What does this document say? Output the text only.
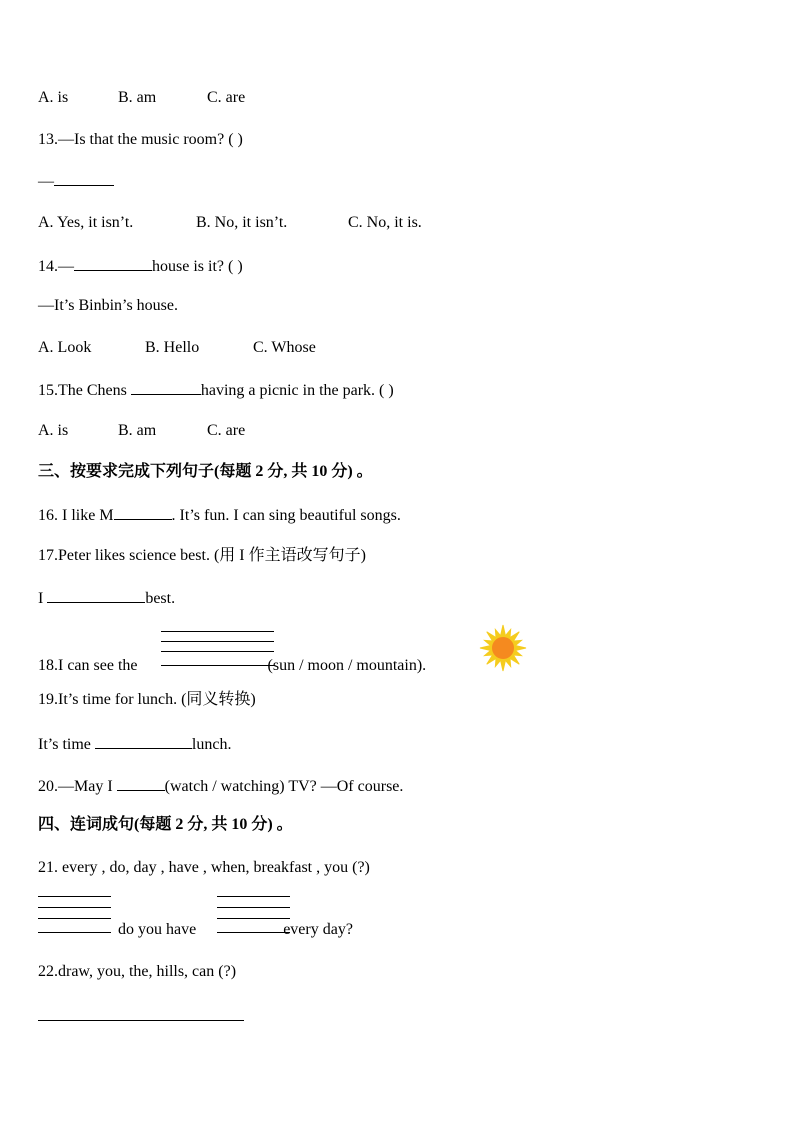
A. is	B. am	C. are
13.—Is that the music room? ( )
—
A. Yes, it isn’t.	B. No, it isn’t.	C. No, it is.
14.—	house is it? ( )
—It’s Binbin’s house.
A. Look	B. Hello	C. Whose
15.The Chens	having a picnic in the park. ( )
A. is	B. am	C. are
三、按要求完成下列句子(每题 2 分, 共 10 分) 。
16. I like M	. It’s fun. I can sing beautiful songs.
17.Peter likes science best. (用 I 作主语改写句子)
I	best.
18.I can see the	(sun / moon / mountain).
19.It’s time for lunch. (同义转换)
It’s time	lunch.
20.—May I	(watch / watching) TV? —Of course.
四、连词成句(每题 2 分, 共 10 分) 。
21. every , do, day , have , when, breakfast , you (?)
do you have	every day?
22.draw, you, the, hills, can (?)
